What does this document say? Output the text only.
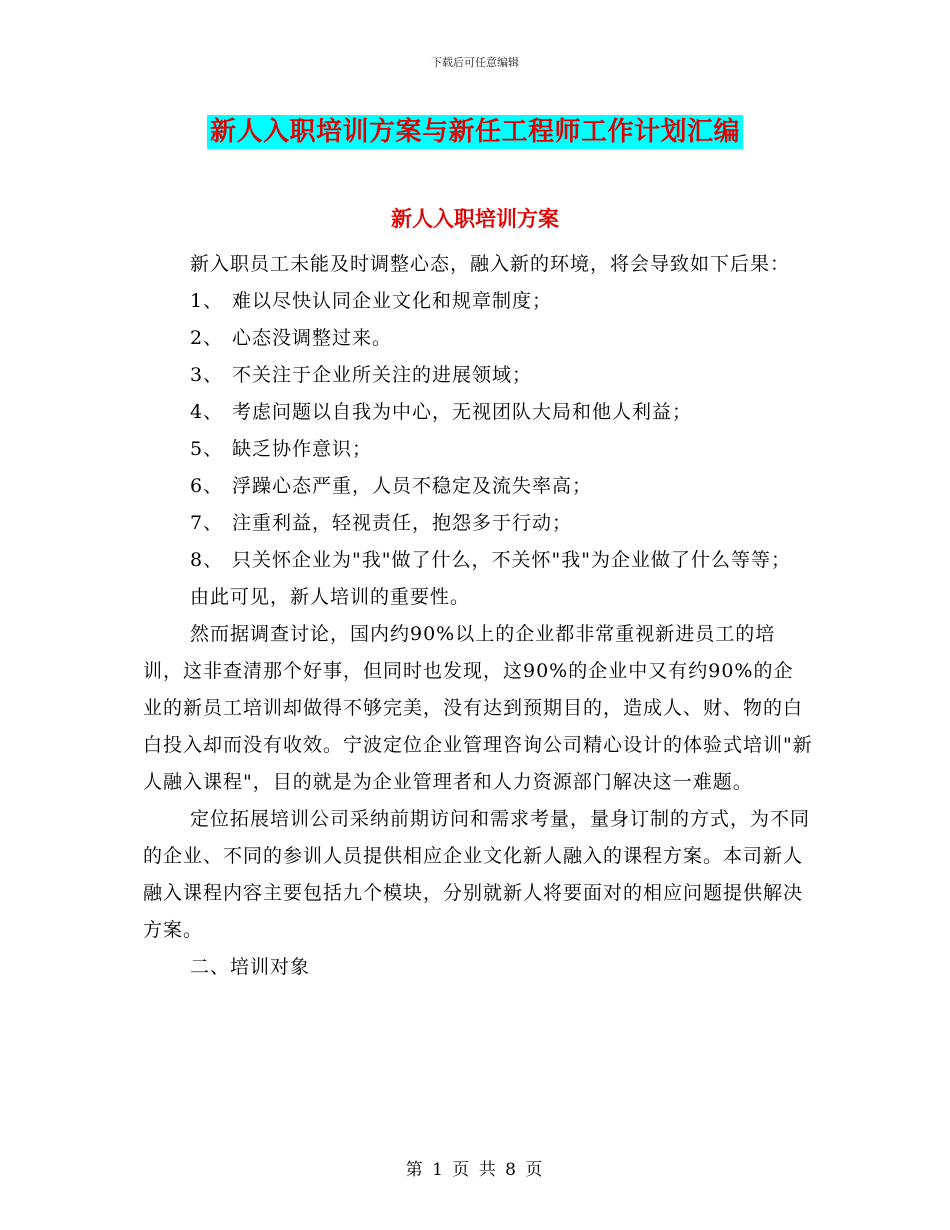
下载后可任意编辑
新人入职培训方案与新任工程师工作计划汇编
新人入职培训方案

新入职员工未能及时调整心态，融入新的环境，将会导致如下后果：

1、 难以尽快认同企业文化和规章制度；

2、 心态没调整过来。

3、 不关注于企业所关注的进展领域；

4、 考虑问题以自我为中心，无视团队大局和他人利益；

5、 缺乏协作意识；

6、 浮躁心态严重，人员不稳定及流失率高；

7、 注重利益，轻视责任，抱怨多于行动；

8、 只关怀企业为"我"做了什么，不关怀"我"为企业做了什么等等；

由此可见，新人培训的重要性。

然而据调查讨论，国内约90%以上的企业都非常重视新进员工的培训，这非查清那个好事，但同时也发现，这90%的企业中又有约90%的企业的新员工培训却做得不够完美，没有达到预期目的，造成人、财、物的白白投入却而没有收效。宁波定位企业管理咨询公司精心设计的体验式培训"新人融入课程"，目的就是为企业管理者和人力资源部门解决这一难题。

定位拓展培训公司采纳前期访问和需求考量，量身订制的方式，为不同的企业、不同的参训人员提供相应企业文化新人融入的课程方案。本司新人融入课程内容主要包括九个模块，分别就新人将要面对的相应问题提供解决方案。

二、培训对象

第 1 页 共 8 页
